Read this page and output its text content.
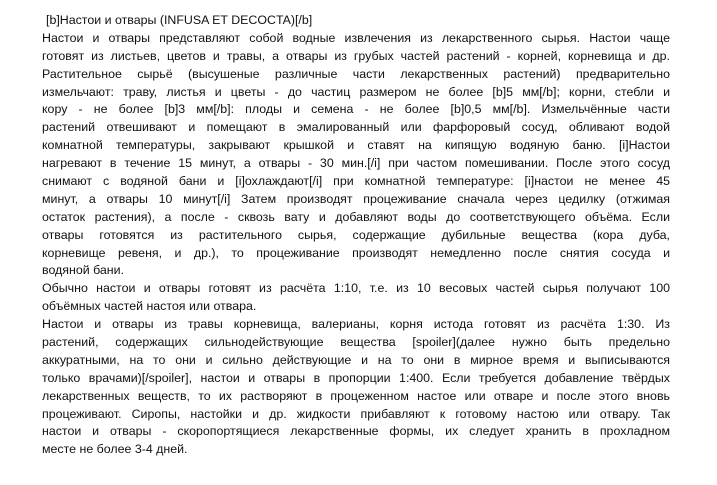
[b]Настои и отвары (INFUSA ET DECOCTA)[/b]
Настои и отвары представляют собой водные извлечения из лекарственного сырья. Настои чаще
готовят из листьев, цветов и травы, а отвары из грубых частей растений - корней, корневища и др.
Растительное сырьё (высушеные различные части лекарственных растений) предварительно
измельчают: траву, листья и цветы - до частиц размером не более [b]5 мм[/b]; корни, стебли и
кору - не более [b]3 мм[/b]: плоды и семена - не более [b]0,5 мм[/b]. Измельчённые части
растений отвешивают и помещают в эмалированный или фарфоровый сосуд, обливают водой
комнатной температуры, закрывают крышкой и ставят на кипящую водяную баню. [i]Настои
нагревают в течение 15 минут, а отвары - 30 мин.[/i] при частом помешивании. После этого сосуд
снимают с водяной бани и [i]охлаждают[/i] при комнатной температуре: [i]настои не менее 45
минут, а отвары 10 минут[/i] Затем производят процеживание сначала через цедилку (отжимая
остаток растения), а после - сквозь вату и добавляют воды до соответствующего объёма. Если
отвары готовятся из растительного сырья, содержащие дубильные вещества (кора дуба,
корневище ревеня, и др.), то процеживание производят немедленно после снятия сосуда и
водяной бани.
Обычно настои и отвары готовят из расчёта 1:10, т.е. из 10 весовых частей сырья получают 100
объёмных частей настоя или отвара.
Настои и отвары из травы корневища, валерианы, корня истода готовят из расчёта 1:30. Из
растений, содержащих сильнодействующие вещества [spoiler](далее нужно быть предельно
аккуратными, на то они и сильно действующие и на то они в мирное время и выписываются
только врачами)[/spoiler], настои и отвары в пропорции 1:400. Если требуется добавление твёрдых
лекарственных веществ, то их растворяют в процеженном настое или отваре и после этого вновь
процеживают. Сиропы, настойки и др. жидкости прибавляют к готовому настою или отвару. Так
настои и отвары - скоропортящиеся лекарственные формы, их следует хранить в прохладном
месте не более 3-4 дней.
